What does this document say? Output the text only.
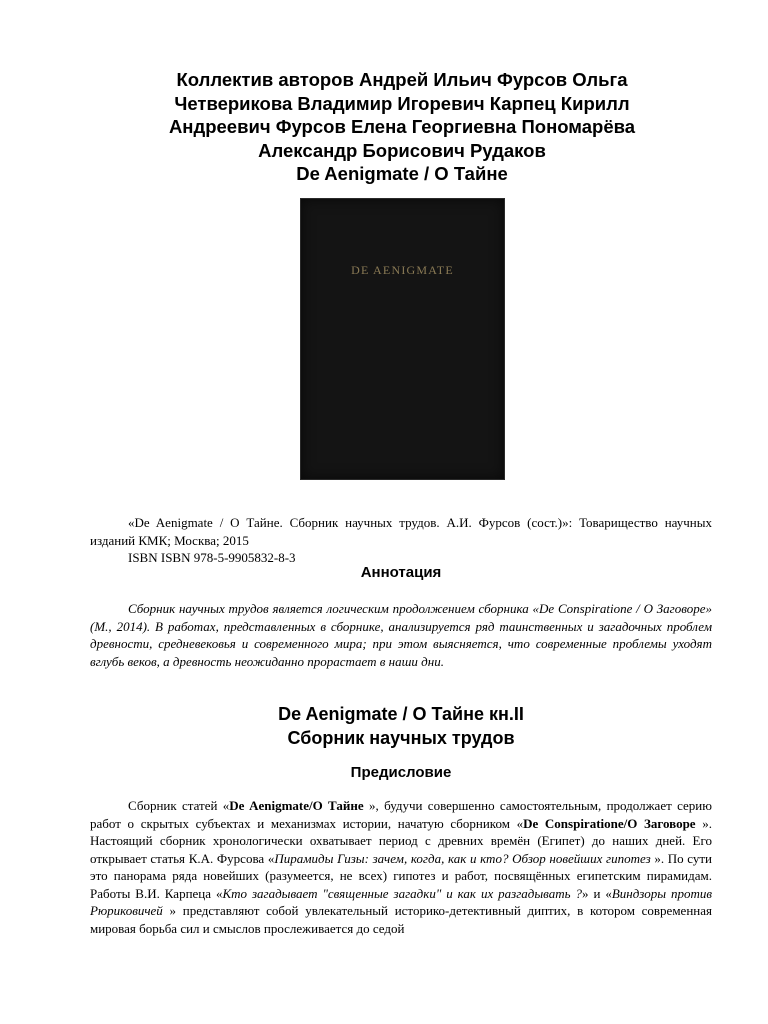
Коллектив авторов Андрей Ильич Фурсов Ольга
Четверикова Владимир Игоревич Карпец Кирилл
Андреевич Фурсов Елена Георгиевна Пономарёва
Александр Борисович Рудаков
De Aenigmate / О Тайне
DE AENIGMATE

«De Aenigmate / О Тайне. Сборник научных трудов. А.И. Фурсов (сост.)»: Товарищество научных изданий КМК; Москва; 2015

ISBN ISBN 978-5-9905832-8-3

Аннотация
Сборник научных трудов является логическим продолжением сборника «De Conspiratione / О Заговоре» (М., 2014). В работах, представленных в сборнике, анализируется ряд таинственных и загадочных проблем древности, средневековья и современного мира; при этом выясняется, что современные проблемы уходят вглубь веков, а древность неожиданно прорастает в наши дни.
De Aenigmate / О Тайне кн.II
Сборник научных трудов
Предисловие
Сборник статей «De Aenigmate/О Тайне », будучи совершенно самостоятельным, продолжает серию работ о скрытых субъектах и механизмах истории, начатую сборником «De Conspiratione/О Заговоре ». Настоящий сборник хронологически охватывает период с древних времён (Египет) до наших дней. Его открывает статья К.А. Фурсова «Пирамиды Гизы: зачем, когда, как и кто? Обзор новейших гипотез ». По сути это панорама ряда новейших (разумеется, не всех) гипотез и работ, посвящённых египетским пирамидам. Работы В.И. Карпеца «Кто загадывает "священные загадки" и как их разгадывать ?» и «Виндзоры против Рюриковичей » представляют собой увлекательный историко-детективный диптих, в котором современная мировая борьба сил и смыслов прослеживается до седой
